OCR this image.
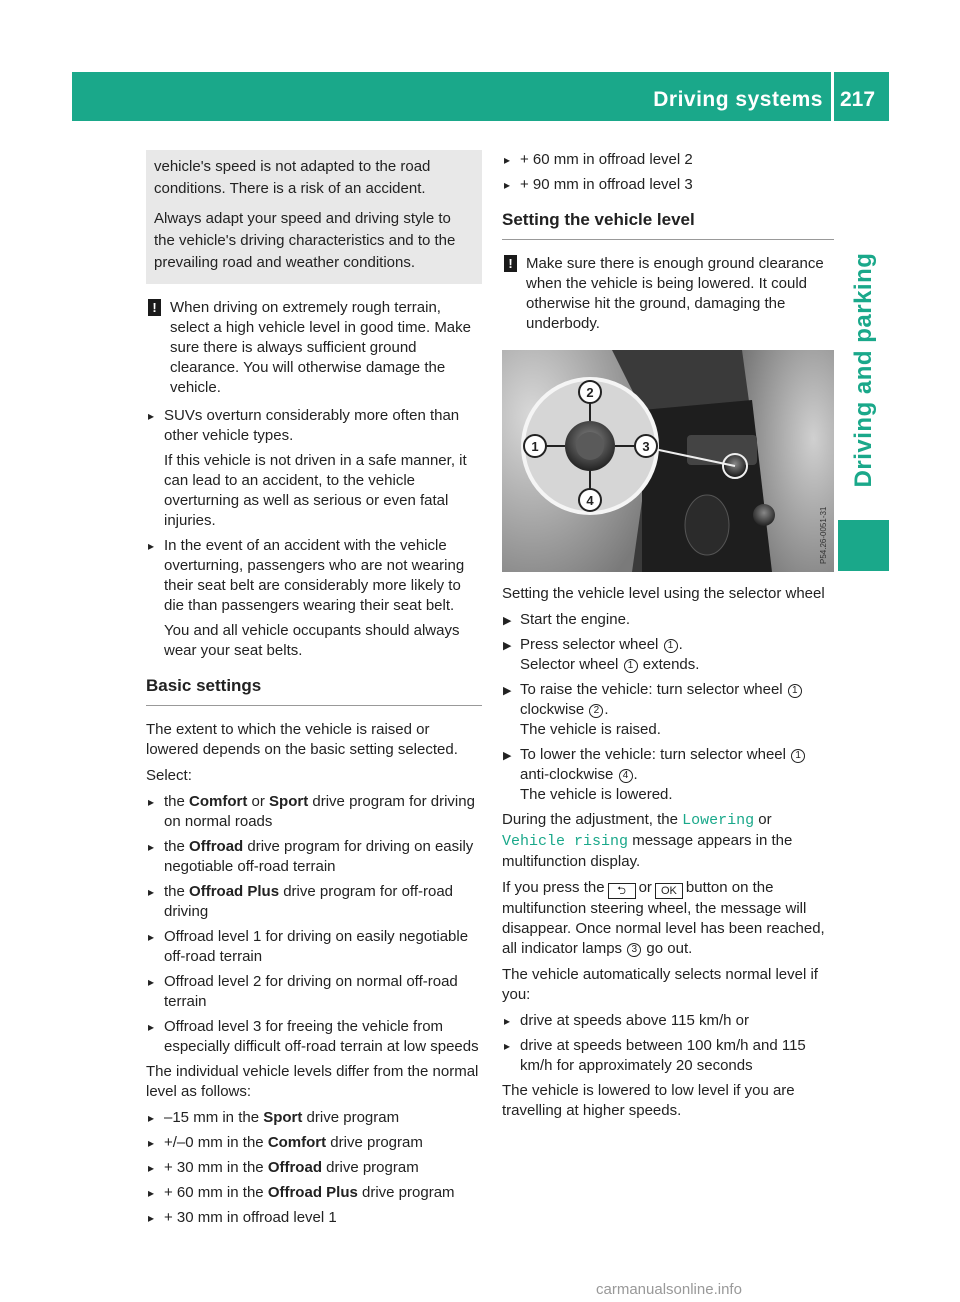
Driving systems 217
Driving and parking

vehicle's speed is not adapted to the road conditions. There is a risk of an accident.

Always adapt your speed and driving style to the vehicle's driving characteristics and to the prevailing road and weather conditions.

! When driving on extremely rough terrain, select a high vehicle level in good time. Make sure there is always sufficient ground clearance. You will otherwise damage the vehicle.
▸ SUVs overturn considerably more often than other vehicle types.

If this vehicle is not driven in a safe manner, it can lead to an accident, to the vehicle overturning as well as serious or even fatal injuries.

▸ In the event of an accident with the vehicle overturning, passengers who are not wearing their seat belt are considerably more likely to die than passengers wearing their seat belt.

You and all vehicle occupants should always wear your seat belts.

Basic settings

The extent to which the vehicle is raised or lowered depends on the basic setting selected.

Select:

▸ the Comfort or Sport drive program for driving on normal roads
▸ the Offroad drive program for driving on easily negotiable off-road terrain
▸ the Offroad Plus drive program for off-road driving
▸ Offroad level 1 for driving on easily negotiable off-road terrain
▸ Offroad level 2 for driving on normal off-road terrain
▸ Offroad level 3 for freeing the vehicle from especially difficult off-road terrain at low speeds

The individual vehicle levels differ from the normal level as follows:

▸ –15 mm in the Sport drive program
▸ +/–0 mm in the Comfort drive program
▸ + 30 mm in the Offroad drive program
▸ + 60 mm in the Offroad Plus drive program
▸ + 30 mm in offroad level 1
▸ + 60 mm in offroad level 2
▸ + 90 mm in offroad level 3
Setting the vehicle level
! Make sure there is enough ground clearance when the vehicle is being lowered. It could otherwise hit the ground, damaging the underbody.
1
2
3
4
P54.26-0051-31

Setting the vehicle level using the selector wheel

▶ Start the engine.
▶ Press selector wheel 1 .
Selector wheel 1 extends.
▶ To raise the vehicle: turn selector wheel 1
clockwise 2 .
The vehicle is raised.
▶ To lower the vehicle: turn selector wheel 1
anti-clockwise 4 .
The vehicle is lowered.

During the adjustment, the Lowering or Vehicle rising message appears in the multifunction display.

If you press the ⮌ or OK button on the multifunction steering wheel, the message will disappear. Once normal level has been reached, all indicator lamps 3 go out.

The vehicle automatically selects normal level if you:

▸ drive at speeds above 115 km/h or
▸ drive at speeds between 100 km/h and 115 km/h for approximately 20 seconds

The vehicle is lowered to low level if you are travelling at higher speeds.

carmanualsonline.info
